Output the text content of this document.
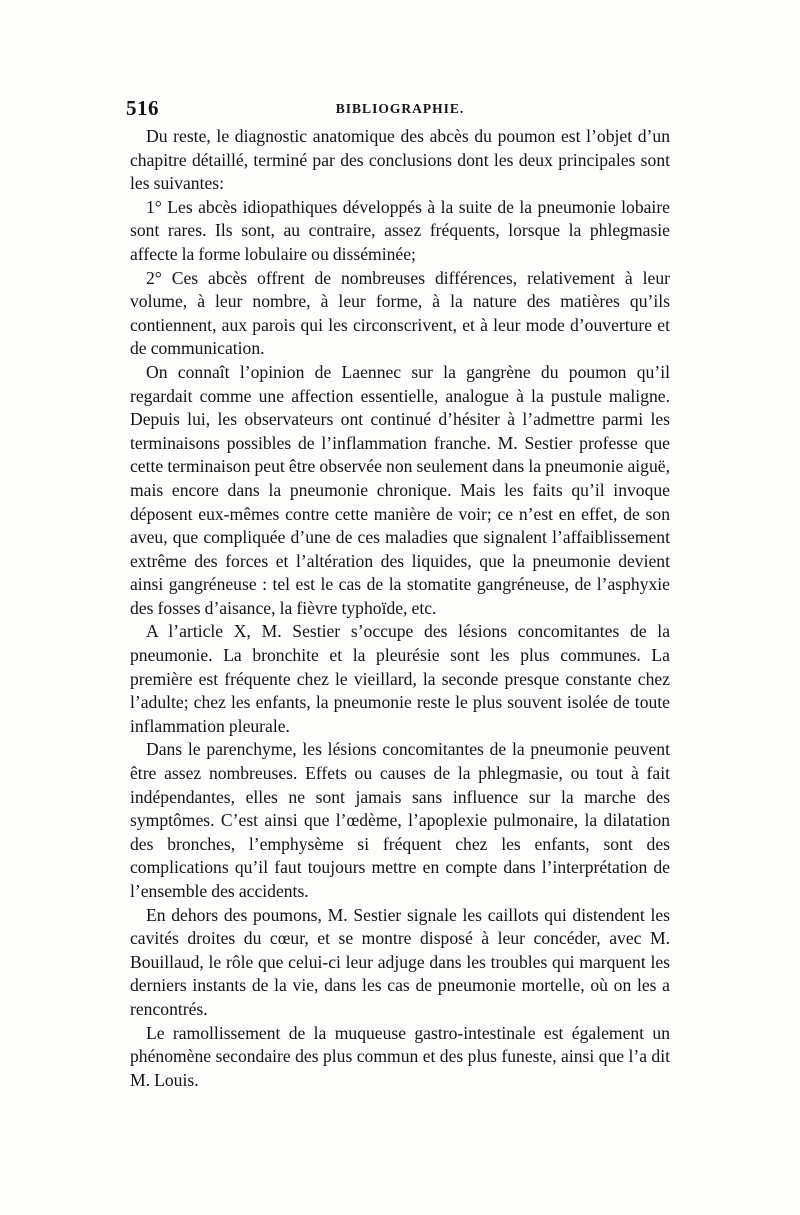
516	BIBLIOGRAPHIE.

Du reste, le diagnostic anatomique des abcès du poumon est l’objet d’un chapitre détaillé, terminé par des conclusions dont les deux principales sont les suivantes:

1° Les abcès idiopathiques développés à la suite de la pneumonie lobaire sont rares. Ils sont, au contraire, assez fréquents, lorsque la phlegmasie affecte la forme lobulaire ou disséminée;

2° Ces abcès offrent de nombreuses différences, relativement à leur volume, à leur nombre, à leur forme, à la nature des matières qu’ils contiennent, aux parois qui les circonscrivent, et à leur mode d’ouverture et de communication.

On connaît l’opinion de Laennec sur la gangrène du poumon qu’il regardait comme une affection essentielle, analogue à la pustule maligne. Depuis lui, les observateurs ont continué d’hésiter à l’admettre parmi les terminaisons possibles de l’inflammation franche. M. Sestier professe que cette terminaison peut être observée non seulement dans la pneumonie aiguë, mais encore dans la pneumonie chronique. Mais les faits qu’il invoque déposent eux-mêmes contre cette manière de voir; ce n’est en effet, de son aveu, que compliquée d’une de ces maladies que signalent l’affaiblissement extrême des forces et l’altération des liquides, que la pneumonie devient ainsi gangréneuse : tel est le cas de la stomatite gangréneuse, de l’asphyxie des fosses d’aisance, la fièvre typhoïde, etc.

A l’article X, M. Sestier s’occupe des lésions concomitantes de la pneumonie. La bronchite et la pleurésie sont les plus communes. La première est fréquente chez le vieillard, la seconde presque constante chez l’adulte; chez les enfants, la pneumonie reste le plus souvent isolée de toute inflammation pleurale.

Dans le parenchyme, les lésions concomitantes de la pneumonie peuvent être assez nombreuses. Effets ou causes de la phlegmasie, ou tout à fait indépendantes, elles ne sont jamais sans influence sur la marche des symptômes. C’est ainsi que l’œdème, l’apoplexie pulmonaire, la dilatation des bronches, l’emphysème si fréquent chez les enfants, sont des complications qu’il faut toujours mettre en compte dans l’interprétation de l’ensemble des accidents.

En dehors des poumons, M. Sestier signale les caillots qui distendent les cavités droites du cœur, et se montre disposé à leur concéder, avec M. Bouillaud, le rôle que celui-ci leur adjuge dans les troubles qui marquent les derniers instants de la vie, dans les cas de pneumonie mortelle, où on les a rencontrés.

Le ramollissement de la muqueuse gastro-intestinale est également un phénomène secondaire des plus commun et des plus funeste, ainsi que l’a dit M. Louis.
